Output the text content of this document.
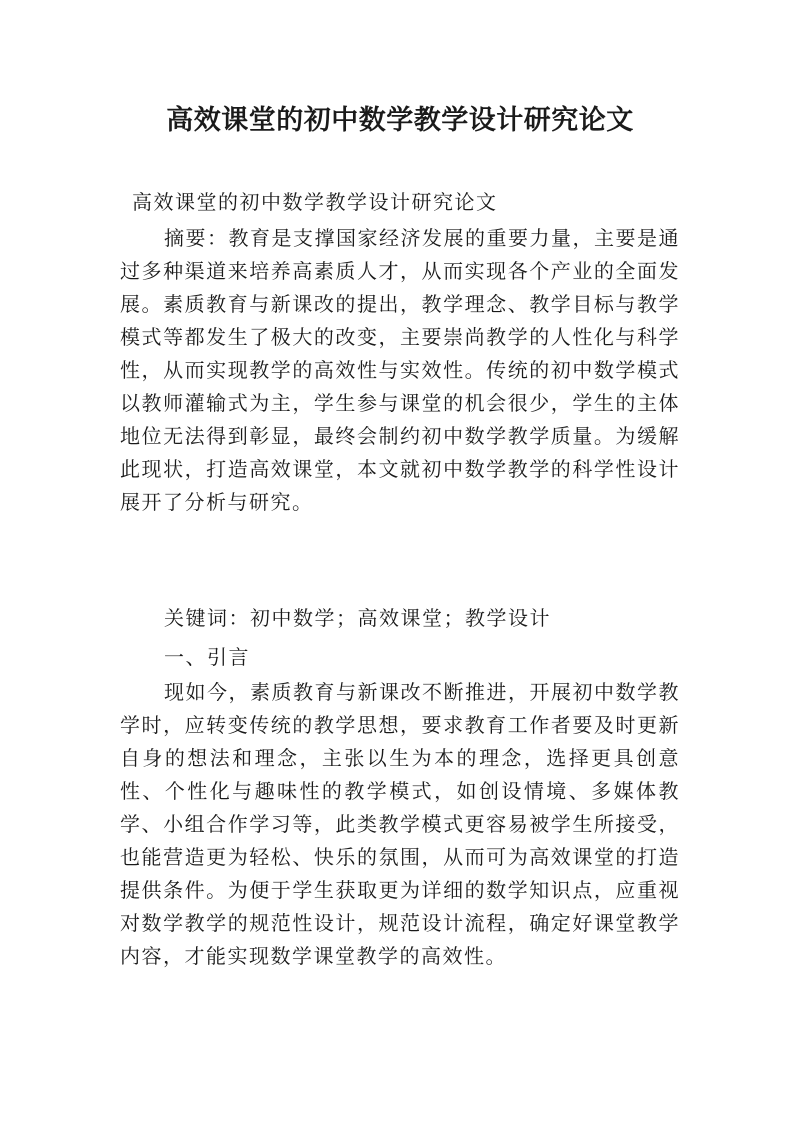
高效课堂的初中数学教学设计研究论文

高效课堂的初中数学教学设计研究论文

摘要：教育是支撑国家经济发展的重要力量，主要是通过多种渠道来培养高素质人才，从而实现各个产业的全面发展。素质教育与新课改的提出，教学理念、教学目标与教学模式等都发生了极大的改变，主要崇尚教学的人性化与科学性，从而实现教学的高效性与实效性。传统的初中数学模式以教师灌输式为主，学生参与课堂的机会很少，学生的主体地位无法得到彰显，最终会制约初中数学教学质量。为缓解此现状，打造高效课堂，本文就初中数学教学的科学性设计展开了分析与研究。

关键词：初中数学；高效课堂；教学设计

一、引言

现如今，素质教育与新课改不断推进，开展初中数学教学时，应转变传统的教学思想，要求教育工作者要及时更新自身的想法和理念，主张以生为本的理念，选择更具创意性、个性化与趣味性的教学模式，如创设情境、多媒体教学、小组合作学习等，此类教学模式更容易被学生所接受，也能营造更为轻松、快乐的氛围，从而可为高效课堂的打造提供条件。为便于学生获取更为详细的数学知识点，应重视对数学教学的规范性设计，规范设计流程，确定好课堂教学内容，才能实现数学课堂教学的高效性。
